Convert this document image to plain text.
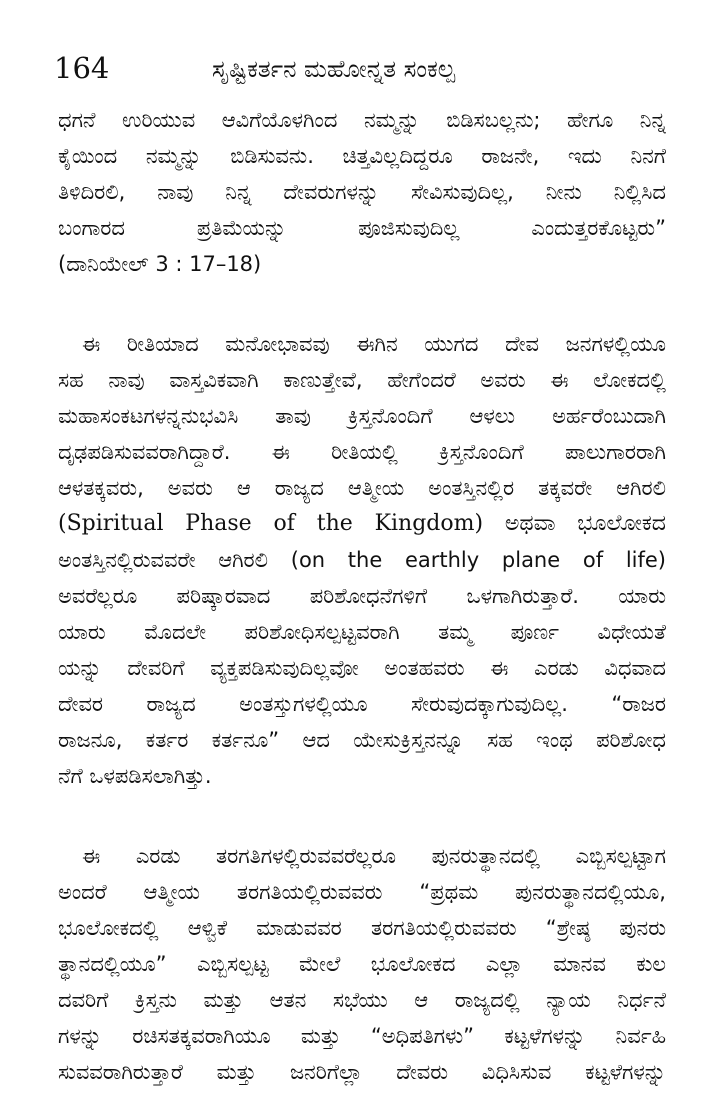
164	ಸೃಷ್ಟಿಕರ್ತನ ಮಹೋನ್ನತ ಸಂಕಲ್ಪ
ಧಗನೆ ಉರಿಯುವ ಆವಿಗೆಯೊಳಗಿಂದ ನಮ್ಮನ್ನು ಬಿಡಿಸಬಲ್ಲನು; ಹೇಗೂ ನಿನ್ನ
ಕೈಯಿಂದ ನಮ್ಮನ್ನು ಬಿಡಿಸುವನು. ಚಿತ್ತವಿಲ್ಲದಿದ್ದರೂ ರಾಜನೇ, ಇದು ನಿನಗೆ
ತಿಳಿದಿರಲಿ, ನಾವು ನಿನ್ನ ದೇವರುಗಳನ್ನು ಸೇವಿಸುವುದಿಲ್ಲ, ನೀನು ನಿಲ್ಲಿಸಿದ
ಬಂಗಾರದ ಪ್ರತಿಮೆಯನ್ನು ಪೂಜಿಸುವುದಿಲ್ಲ ಎಂದುತ್ತರಕೊಟ್ಟರು”
(ದಾನಿಯೇಲ್ 3 : 17–18)
ಈ ರೀತಿಯಾದ ಮನೋಭಾವವು ಈಗಿನ ಯುಗದ ದೇವ ಜನಗಳಲ್ಲಿಯೂ
ಸಹ ನಾವು ವಾಸ್ತವಿಕವಾಗಿ ಕಾಣುತ್ತೇವೆ, ಹೇಗೆಂದರೆ ಅವರು ಈ ಲೋಕದಲ್ಲಿ
ಮಹಾಸಂಕಟಗಳನ್ನನುಭವಿಸಿ ತಾವು ಕ್ರಿಸ್ತನೊಂದಿಗೆ ಆಳಲು ಅರ್ಹರೆಂಬುದಾಗಿ
ದೃಢಪಡಿಸುವವರಾಗಿದ್ದಾರೆ. ಈ ರೀತಿಯಲ್ಲಿ ಕ್ರಿಸ್ತನೊಂದಿಗೆ ಪಾಲುಗಾರರಾಗಿ
ಆಳತಕ್ಕವರು, ಅವರು ಆ ರಾಜ್ಯದ ಆತ್ಮೀಯ ಅಂತಸ್ತಿನಲ್ಲಿರ ತಕ್ಕವರೇ ಆಗಿರಲಿ
(Spiritual Phase of the Kingdom) ಅಥವಾ ಭೂಲೋಕದ
ಅಂತಸ್ತಿನಲ್ಲಿರುವವರೇ ಆಗಿರಲಿ (on the earthly plane of life)
ಅವರೆಲ್ಲರೂ ಪರಿಷ್ಕಾರವಾದ ಪರಿಶೋಧನೆಗಳಿಗೆ ಒಳಗಾಗಿರುತ್ತಾರೆ. ಯಾರು
ಯಾರು ಮೊದಲೇ ಪರಿಶೋಧಿಸಲ್ಪಟ್ಟವರಾಗಿ ತಮ್ಮ ಪೂರ್ಣ ವಿಧೇಯತೆ
ಯನ್ನು ದೇವರಿಗೆ ವ್ಯಕ್ತಪಡಿಸುವುದಿಲ್ಲವೋ ಅಂತಹವರು ಈ ಎರಡು ವಿಧವಾದ
ದೇವರ ರಾಜ್ಯದ ಅಂತಸ್ತುಗಳಲ್ಲಿಯೂ ಸೇರುವುದಕ್ಕಾಗುವುದಿಲ್ಲ. “ರಾಜರ
ರಾಜನೂ, ಕರ್ತರ ಕರ್ತನೂ” ಆದ ಯೇಸುಕ್ರಿಸ್ತನನ್ನೂ ಸಹ ಇಂಥ ಪರಿಶೋಧ
ನೆಗೆ ಒಳಪಡಿಸಲಾಗಿತ್ತು.
ಈ ಎರಡು ತರಗತಿಗಳಲ್ಲಿರುವವರೆಲ್ಲರೂ ಪುನರುತ್ಥಾನದಲ್ಲಿ ಎಬ್ಬಿಸಲ್ಪಟ್ಟಾಗ
ಅಂದರೆ ಆತ್ಮೀಯ ತರಗತಿಯಲ್ಲಿರುವವರು “ಪ್ರಥಮ ಪುನರುತ್ಥಾನದಲ್ಲಿಯೂ,
ಭೂಲೋಕದಲ್ಲಿ ಆಳ್ವಿಕೆ ಮಾಡುವವರ ತರಗತಿಯಲ್ಲಿರುವವರು “ಶ್ರೇಷ್ಠ ಪುನರು
ತ್ಥಾನದಲ್ಲಿಯೂ” ಎಬ್ಬಿಸಲ್ಪಟ್ಟ ಮೇಲೆ ಭೂಲೋಕದ ಎಲ್ಲಾ ಮಾನವ ಕುಲ
ದವರಿಗೆ ಕ್ರಿಸ್ತನು ಮತ್ತು ಆತನ ಸಭೆಯು ಆ ರಾಜ್ಯದಲ್ಲಿ ನ್ಯಾಯ ನಿರ್ಧನೆ
ಗಳನ್ನು ರಚಿಸತಕ್ಕವರಾಗಿಯೂ ಮತ್ತು “ಅಧಿಪತಿಗಳು” ಕಟ್ಟಳೆಗಳನ್ನು ನಿರ್ವಹಿ
ಸುವವರಾಗಿರುತ್ತಾರೆ ಮತ್ತು ಜನರಿಗೆಲ್ಲಾ ದೇವರು ವಿಧಿಸಿಸುವ ಕಟ್ಟಳೆಗಳನ್ನು
